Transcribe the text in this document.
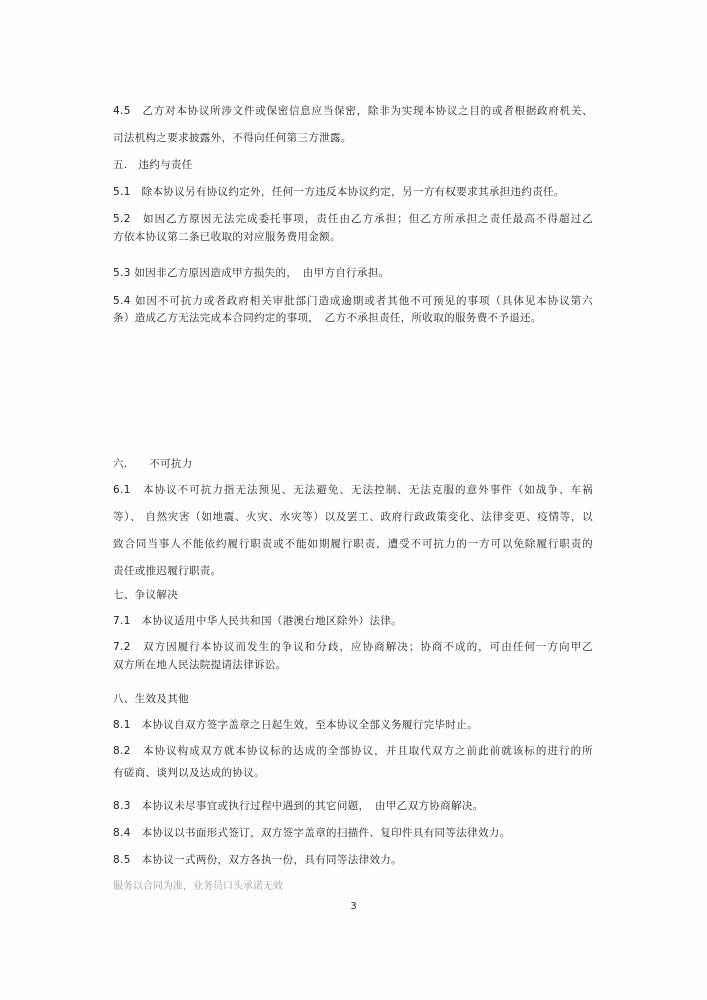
4.5　乙方对本协议所涉文件或保密信息应当保密，除非为实现本协议之目的或者根据政府机关、
司法机构之要求披露外，不得向任何第三方泄露。
五.　违约与责任
5.1　除本协议另有协议约定外，任何一方违反本协议约定，另一方有权要求其承担违约责任。
5.2　如因乙方原因无法完成委托事项，责任由乙方承担；但乙方所承担之责任最高不得超过乙
方依本协议第二条已收取的对应服务费用金额。
5.3 如因非乙方原因造成甲方损失的，　由甲方自行承担。
5.4 如因不可抗力或者政府相关审批部门造成逾期或者其他不可预见的事项（具体见本协议第六
条）造成乙方无法完成本合同约定的事项，　乙方不承担责任，所收取的服务费不予退还。
六.　　不可抗力
6.1　本协议不可抗力指无法预见、无法避免、无法控制、无法克服的意外事件（如战争、车祸
等）、 自然灾害（如地震、火灾、水灾等）以及罢工、政府行政政策变化、法律变更、疫情等，以
致合同当事人不能依约履行职责或不能如期履行职责，遭受不可抗力的一方可以免除履行职责的
责任或推迟履行职责。
七、争议解决
7.1　本协议适用中华人民共和国（港澳台地区除外）法律。
7.2　双方因履行本协议而发生的争议和分歧，应协商解决；协商不成的，可由任何一方向甲乙
双方所在地人民法院提请法律诉讼。
八、生效及其他
8.1　本协议自双方签字盖章之日起生效，至本协议全部义务履行完毕时止。
8.2　本协议构成双方就本协议标的达成的全部协议，并且取代双方之前此前就该标的进行的所
有磋商、谈判以及达成的协议。
8.3　本协议未尽事宜或执行过程中遇到的其它问题，　由甲乙双方协商解决。
8.4　本协议以书面形式签订，双方签字盖章的扫描件、复印件具有同等法律效力。
8.5　本协议一式两份，双方各执一份，具有同等法律效力。
服务以合同为准，业务员口头承诺无效
3
